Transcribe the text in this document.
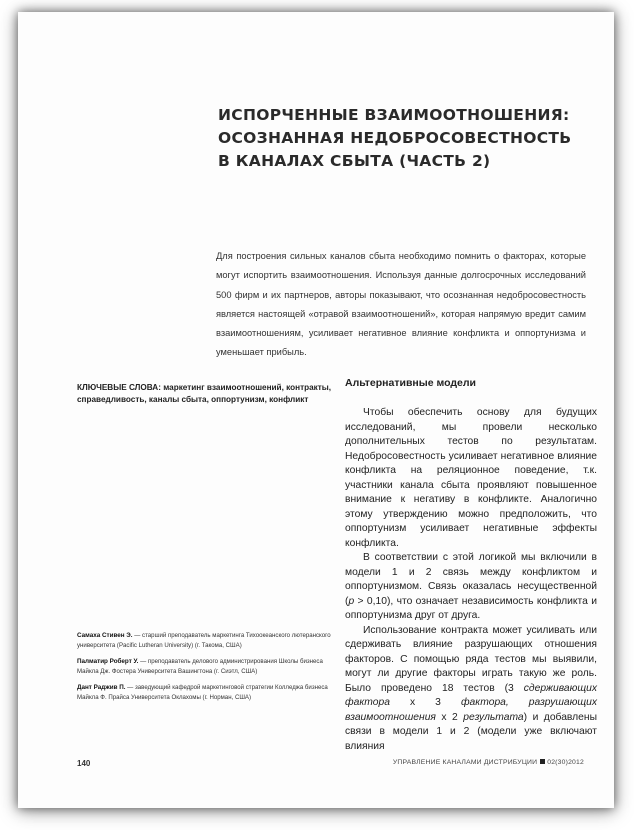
ИСПОРЧЕННЫЕ ВЗАИМООТНОШЕНИЯ:
ОСОЗНАННАЯ НЕДОБРОСОВЕСТНОСТЬ
В КАНАЛАХ СБЫТА (ЧАСТЬ 2)
Для построения сильных каналов сбыта необходимо помнить о факторах, которые могут испортить взаимоотношения. Используя данные долгосрочных исследований 500 фирм и их партнеров, авторы показывают, что осознанная недобросовестность является настоящей «отравой взаимоотношений», которая напрямую вредит самим взаимоотношениям, усиливает негативное влияние конфликта и оппортунизма и уменьшает прибыль.
КЛЮЧЕВЫЕ СЛОВА: маркетинг взаимоотношений, контракты, справедливость, каналы сбыта, оппортунизм, конфликт
Альтернативные модели

Чтобы обеспечить основу для будущих исследований, мы провели несколько дополнительных тестов по результатам. Недобросовестность усиливает негативное влияние конфликта на реляционное поведение, т.к. участники канала сбыта проявляют повышенное внимание к негативу в конфликте. Аналогично этому утверждению можно предположить, что оппортунизм усиливает негативные эффекты конфликта.

В соответствии с этой логикой мы включили в модели 1 и 2 связь между конфликтом и оппортунизмом. Связь оказалась несущественной (p > 0,10), что означает независимость конфликта и оппортунизма друг от друга.

Использование контракта может усиливать или сдерживать влияние разрушающих отношения факторов. С помощью ряда тестов мы выявили, могут ли другие факторы играть такую же роль. Было проведено 18 тестов (3 сдерживающих фактора х 3 фактора, разрушающих взаимоотношения х 2 результата) и добавлены связи в модели 1 и 2 (модели уже включают влияния

Самаха Стивен Э. — старший преподаватель маркетинга Тихоокеанского лютеранского университета (Pacific Lutheran University) (г. Такома, США)
Палматир Роберт У. — преподаватель делового администрирования Школы бизнеса Майкла Дж. Фостера Университета Вашингтона (г. Сиэтл, США)
Дант Раджив П. — заведующий кафедрой маркетинговой стратегии Колледжа бизнеса Майкла Ф. Прайса Университета Оклахомы (г. Норман, США)
140	УПРАВЛЕНИЕ КАНАЛАМИ ДИСТРИБУЦИИ 02(30)2012
